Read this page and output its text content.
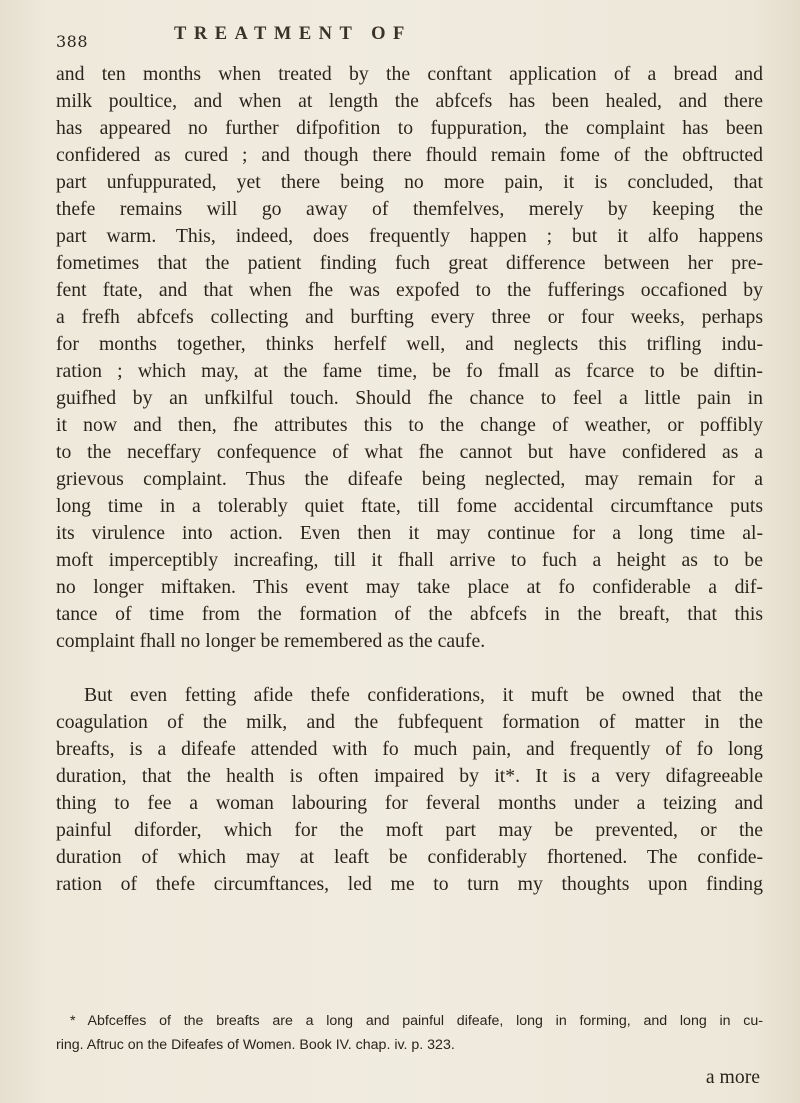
388	TREATMENT OF
and ten months when treated by the conftant application of a bread and
milk poultice, and when at length the abfcefs has been healed, and there
has appeared no further difpofition to fuppuration, the complaint has been
confidered as cured ; and though there fhould remain fome of the obftructed
part unfuppurated, yet there being no more pain, it is concluded, that
thefe remains will go away of themfelves, merely by keeping the
part warm. This, indeed, does frequently happen ; but it alfo happens
fometimes that the patient finding fuch great difference between her pre-
fent ftate, and that when fhe was expofed to the fufferings occafioned by
a frefh abfcefs collecting and burfting every three or four weeks, perhaps
for months together, thinks herfelf well, and neglects this trifling indu-
ration ; which may, at the fame time, be fo fmall as fcarce to be diftin-
guifhed by an unfkilful touch. Should fhe chance to feel a little pain in
it now and then, fhe attributes this to the change of weather, or poffibly
to the neceffary confequence of what fhe cannot but have confidered as a
grievous complaint. Thus the difeafe being neglected, may remain for a
long time in a tolerably quiet ftate, till fome accidental circumftance puts
its virulence into action. Even then it may continue for a long time al-
moft imperceptibly increafing, till it fhall arrive to fuch a height as to be
no longer miftaken. This event may take place at fo confiderable a dif-
tance of time from the formation of the abfcefs in the breaft, that this
complaint fhall no longer be remembered as the caufe.
But even fetting afide thefe confiderations, it muft be owned that the
coagulation of the milk, and the fubfequent formation of matter in the
breafts, is a difeafe attended with fo much pain, and frequently of fo long
duration, that the health is often impaired by it*. It is a very difagreeable
thing to fee a woman labouring for feveral months under a teizing and
painful diforder, which for the moft part may be prevented, or the
duration of which may at leaft be confiderably fhortened. The confide-
ration of thefe circumftances, led me to turn my thoughts upon finding
* Abfceffes of the breafts are a long and painful difeafe, long in forming, and long in cu-
ring. Aftruc on the Difeafes of Women. Book IV. chap. iv. p. 323.
a more
